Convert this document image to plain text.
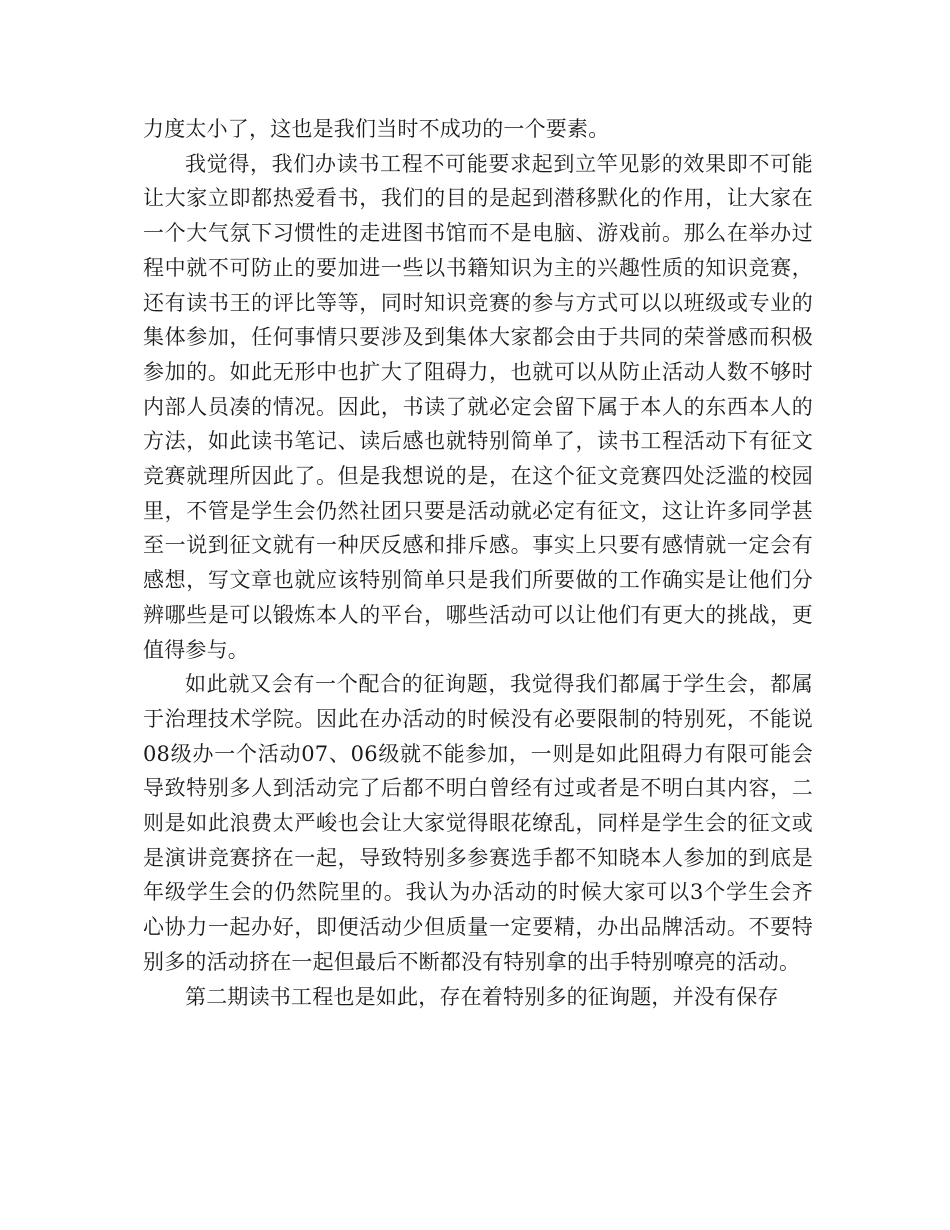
力度太小了，这也是我们当时不成功的一个要素。

我觉得，我们办读书工程不可能要求起到立竿见影的效果即不可能让大家立即都热爱看书，我们的目的是起到潜移默化的作用，让大家在一个大气氛下习惯性的走进图书馆而不是电脑、游戏前。那么在举办过程中就不可防止的要加进一些以书籍知识为主的兴趣性质的知识竞赛，还有读书王的评比等等，同时知识竞赛的参与方式可以以班级或专业的集体参加，任何事情只要涉及到集体大家都会由于共同的荣誉感而积极参加的。如此无形中也扩大了阻碍力，也就可以从防止活动人数不够时内部人员凑的情况。因此，书读了就必定会留下属于本人的东西本人的方法，如此读书笔记、读后感也就特别简单了，读书工程活动下有征文竞赛就理所因此了。但是我想说的是，在这个征文竞赛四处泛滥的校园里，不管是学生会仍然社团只要是活动就必定有征文，这让许多同学甚至一说到征文就有一种厌反感和排斥感。事实上只要有感情就一定会有感想，写文章也就应该特别简单只是我们所要做的工作确实是让他们分辨哪些是可以锻炼本人的平台，哪些活动可以让他们有更大的挑战，更值得参与。

如此就又会有一个配合的征询题，我觉得我们都属于学生会，都属于治理技术学院。因此在办活动的时候没有必要限制的特别死，不能说08级办一个活动07、06级就不能参加，一则是如此阻碍力有限可能会导致特别多人到活动完了后都不明白曾经有过或者是不明白其内容，二则是如此浪费太严峻也会让大家觉得眼花缭乱，同样是学生会的征文或是演讲竞赛挤在一起，导致特别多参赛选手都不知晓本人参加的到底是年级学生会的仍然院里的。我认为办活动的时候大家可以3个学生会齐心协力一起办好，即便活动少但质量一定要精，办出品牌活动。不要特别多的活动挤在一起但最后不断都没有特别拿的出手特别嘹亮的活动。

第二期读书工程也是如此，存在着特别多的征询题，并没有保存
